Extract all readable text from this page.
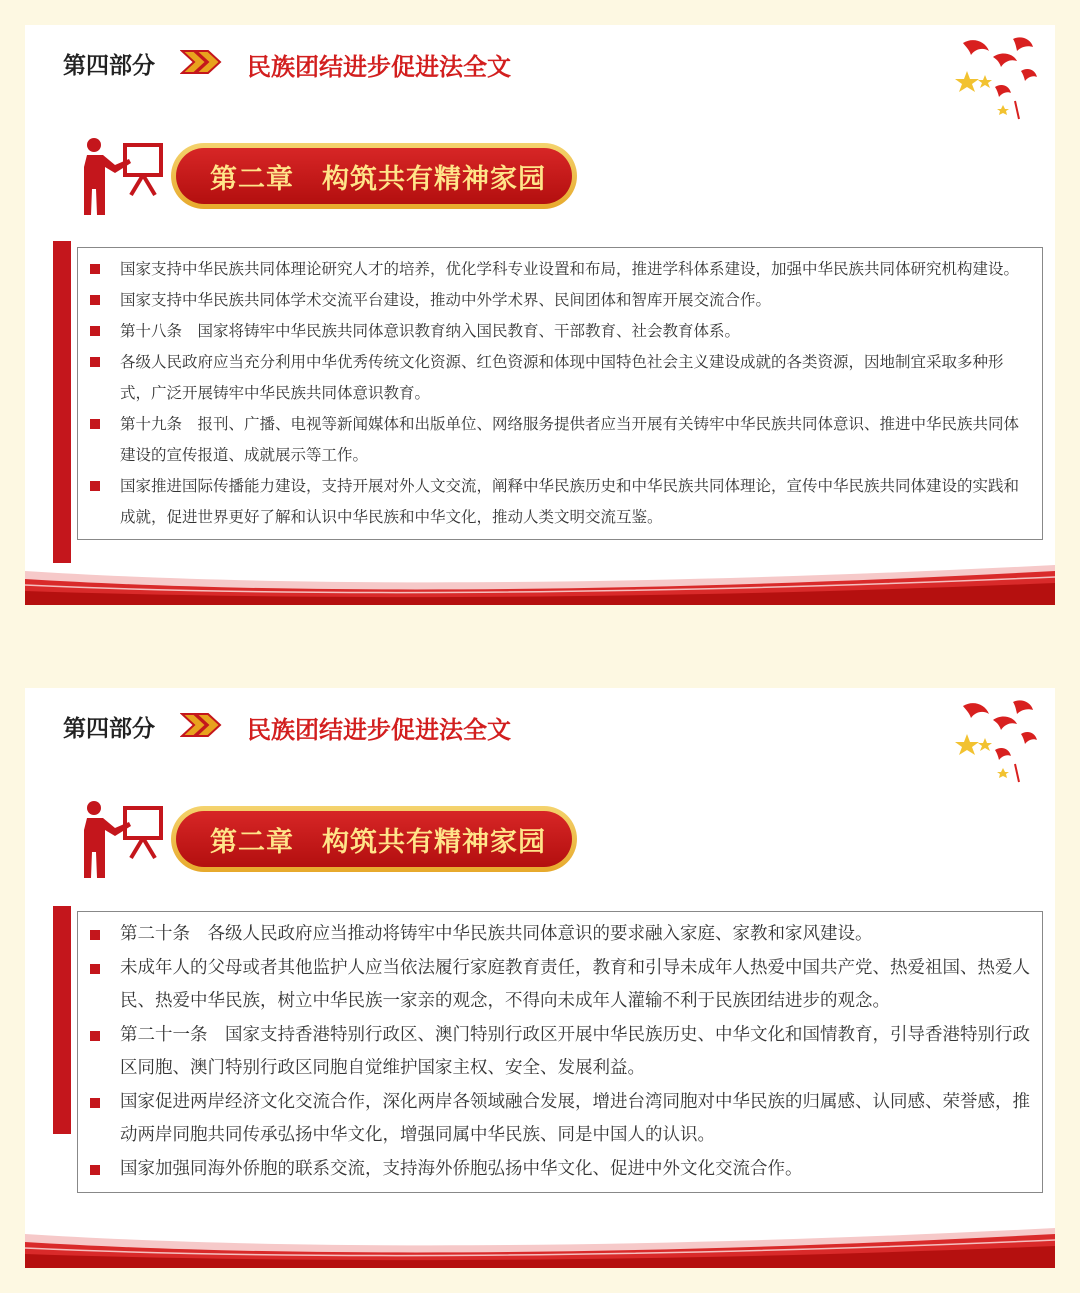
第四部分	民族团结进步促进法全文
第二章　构筑共有精神家园
国家支持中华民族共同体理论研究人才的培养，优化学科专业设置和布局，推进学科体系建设，加强中华民族共同体研究机构建设。
国家支持中华民族共同体学术交流平台建设，推动中外学术界、民间团体和智库开展交流合作。
第十八条　国家将铸牢中华民族共同体意识教育纳入国民教育、干部教育、社会教育体系。
各级人民政府应当充分利用中华优秀传统文化资源、红色资源和体现中国特色社会主义建设成就的各类资源，因地制宜采取多种形式，广泛开展铸牢中华民族共同体意识教育。
第十九条　报刊、广播、电视等新闻媒体和出版单位、网络服务提供者应当开展有关铸牢中华民族共同体意识、推进中华民族共同体建设的宣传报道、成就展示等工作。
国家推进国际传播能力建设，支持开展对外人文交流，阐释中华民族历史和中华民族共同体理论，宣传中华民族共同体建设的实践和成就，促进世界更好了解和认识中华民族和中华文化，推动人类文明交流互鉴。
第四部分	民族团结进步促进法全文
第二章　构筑共有精神家园
第二十条　各级人民政府应当推动将铸牢中华民族共同体意识的要求融入家庭、家教和家风建设。
未成年人的父母或者其他监护人应当依法履行家庭教育责任，教育和引导未成年人热爱中国共产党、热爱祖国、热爱人民、热爱中华民族，树立中华民族一家亲的观念，不得向未成年人灌输不利于民族团结进步的观念。
第二十一条　国家支持香港特别行政区、澳门特别行政区开展中华民族历史、中华文化和国情教育，引导香港特别行政区同胞、澳门特别行政区同胞自觉维护国家主权、安全、发展利益。
国家促进两岸经济文化交流合作，深化两岸各领域融合发展，增进台湾同胞对中华民族的归属感、认同感、荣誉感，推动两岸同胞共同传承弘扬中华文化，增强同属中华民族、同是中国人的认识。
国家加强同海外侨胞的联系交流，支持海外侨胞弘扬中华文化、促进中外文化交流合作。
